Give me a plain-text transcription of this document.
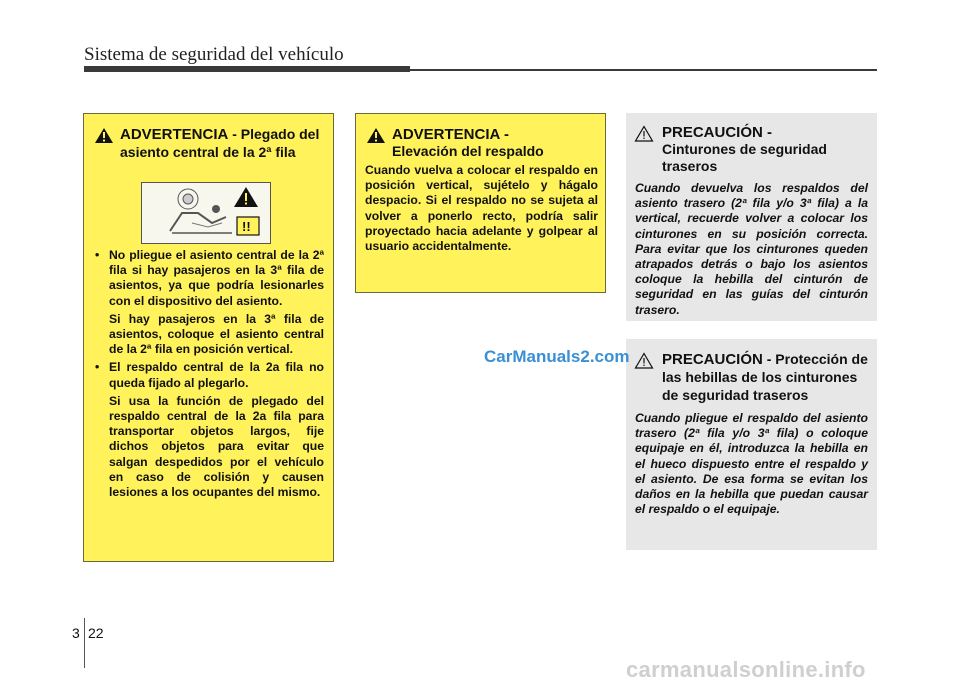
Sistema de seguridad del vehículo
ADVERTENCIA - Plegado del asiento central de la 2ª fila
!!
• No pliegue el asiento central de la 2ª fila si hay pasajeros en la 3ª fila de asientos, ya que podría lesionarles con el dispositivo del asiento.

Si hay pasajeros en la 3ª fila de asientos, coloque el asiento central de la 2ª fila en posición vertical.

• El respaldo central de la 2a fila no queda fijado al plegarlo.

Si usa la función de plegado del respaldo central de la 2a fila para transportar objetos largos, fije dichos objetos para evitar que salgan despedidos por el vehículo en caso de colisión y causen lesiones a los ocupantes del mismo.

ADVERTENCIA -
Elevación del respaldo
Cuando vuelva a colocar el respaldo en posición vertical, sujételo y hágalo despacio. Si el respaldo no se sujeta al volver a ponerlo recto, podría salir proyectado hacia adelante y golpear al usuario accidentalmente.
PRECAUCIÓN -
Cinturones de seguridad traseros
Cuando devuelva los respaldos del asiento trasero (2ª fila y/o 3ª fila) a la vertical, recuerde volver a colocar los cinturones en su posición correcta. Para evitar que los cinturones queden atrapados detrás o bajo los asientos coloque la hebilla del cinturón de seguridad en las guías del cinturón trasero.
PRECAUCIÓN - Protección de las hebillas de los cinturones de seguridad traseros
Cuando pliegue el respaldo del asiento trasero (2ª fila y/o 3ª fila) o coloque equipaje en él, introduzca la hebilla en el hueco dispuesto entre el respaldo y el asiento. De esa forma se evitan los daños en la hebilla que puedan causar el respaldo o el equipaje.
CarManuals2.com
3 22
carmanualsonline.info
